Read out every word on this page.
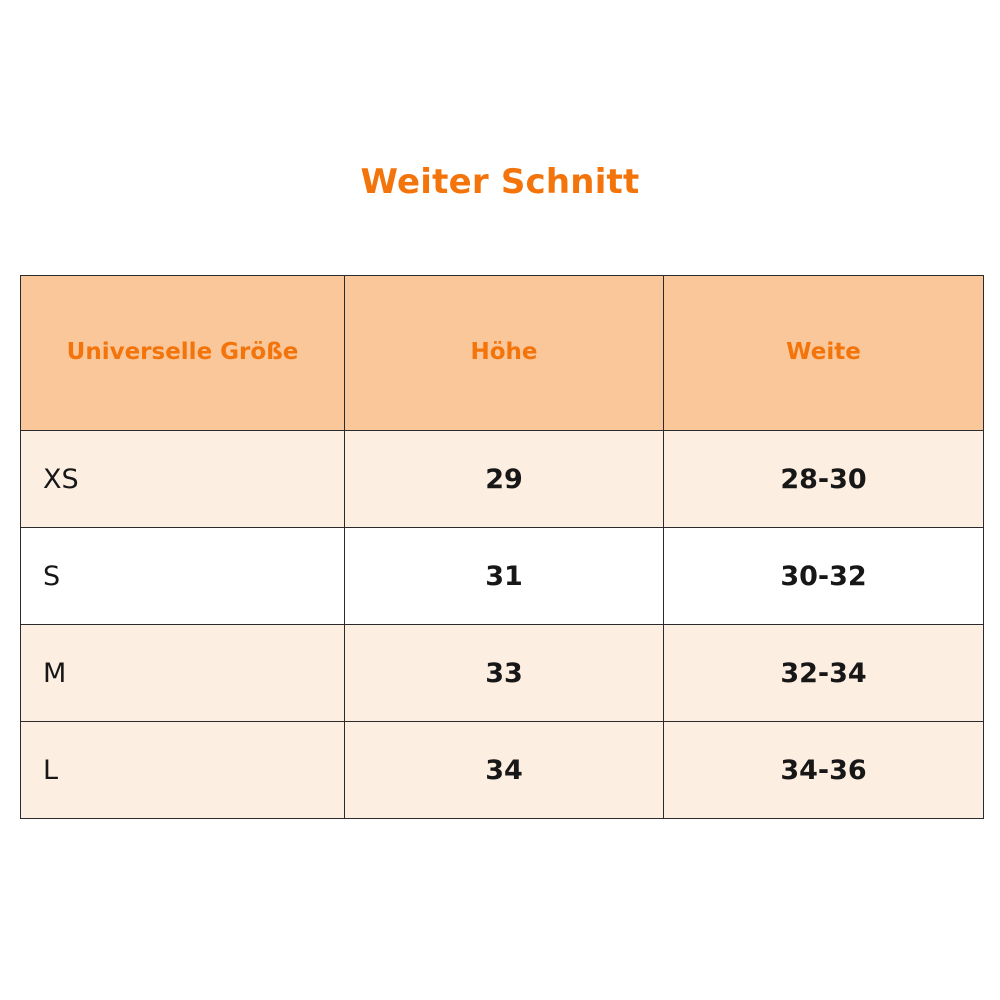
Weiter Schnitt
Universelle Größe	Höhe	Weite
XS	29	28-30
S	31	30-32
M	33	32-34
L	34	34-36
